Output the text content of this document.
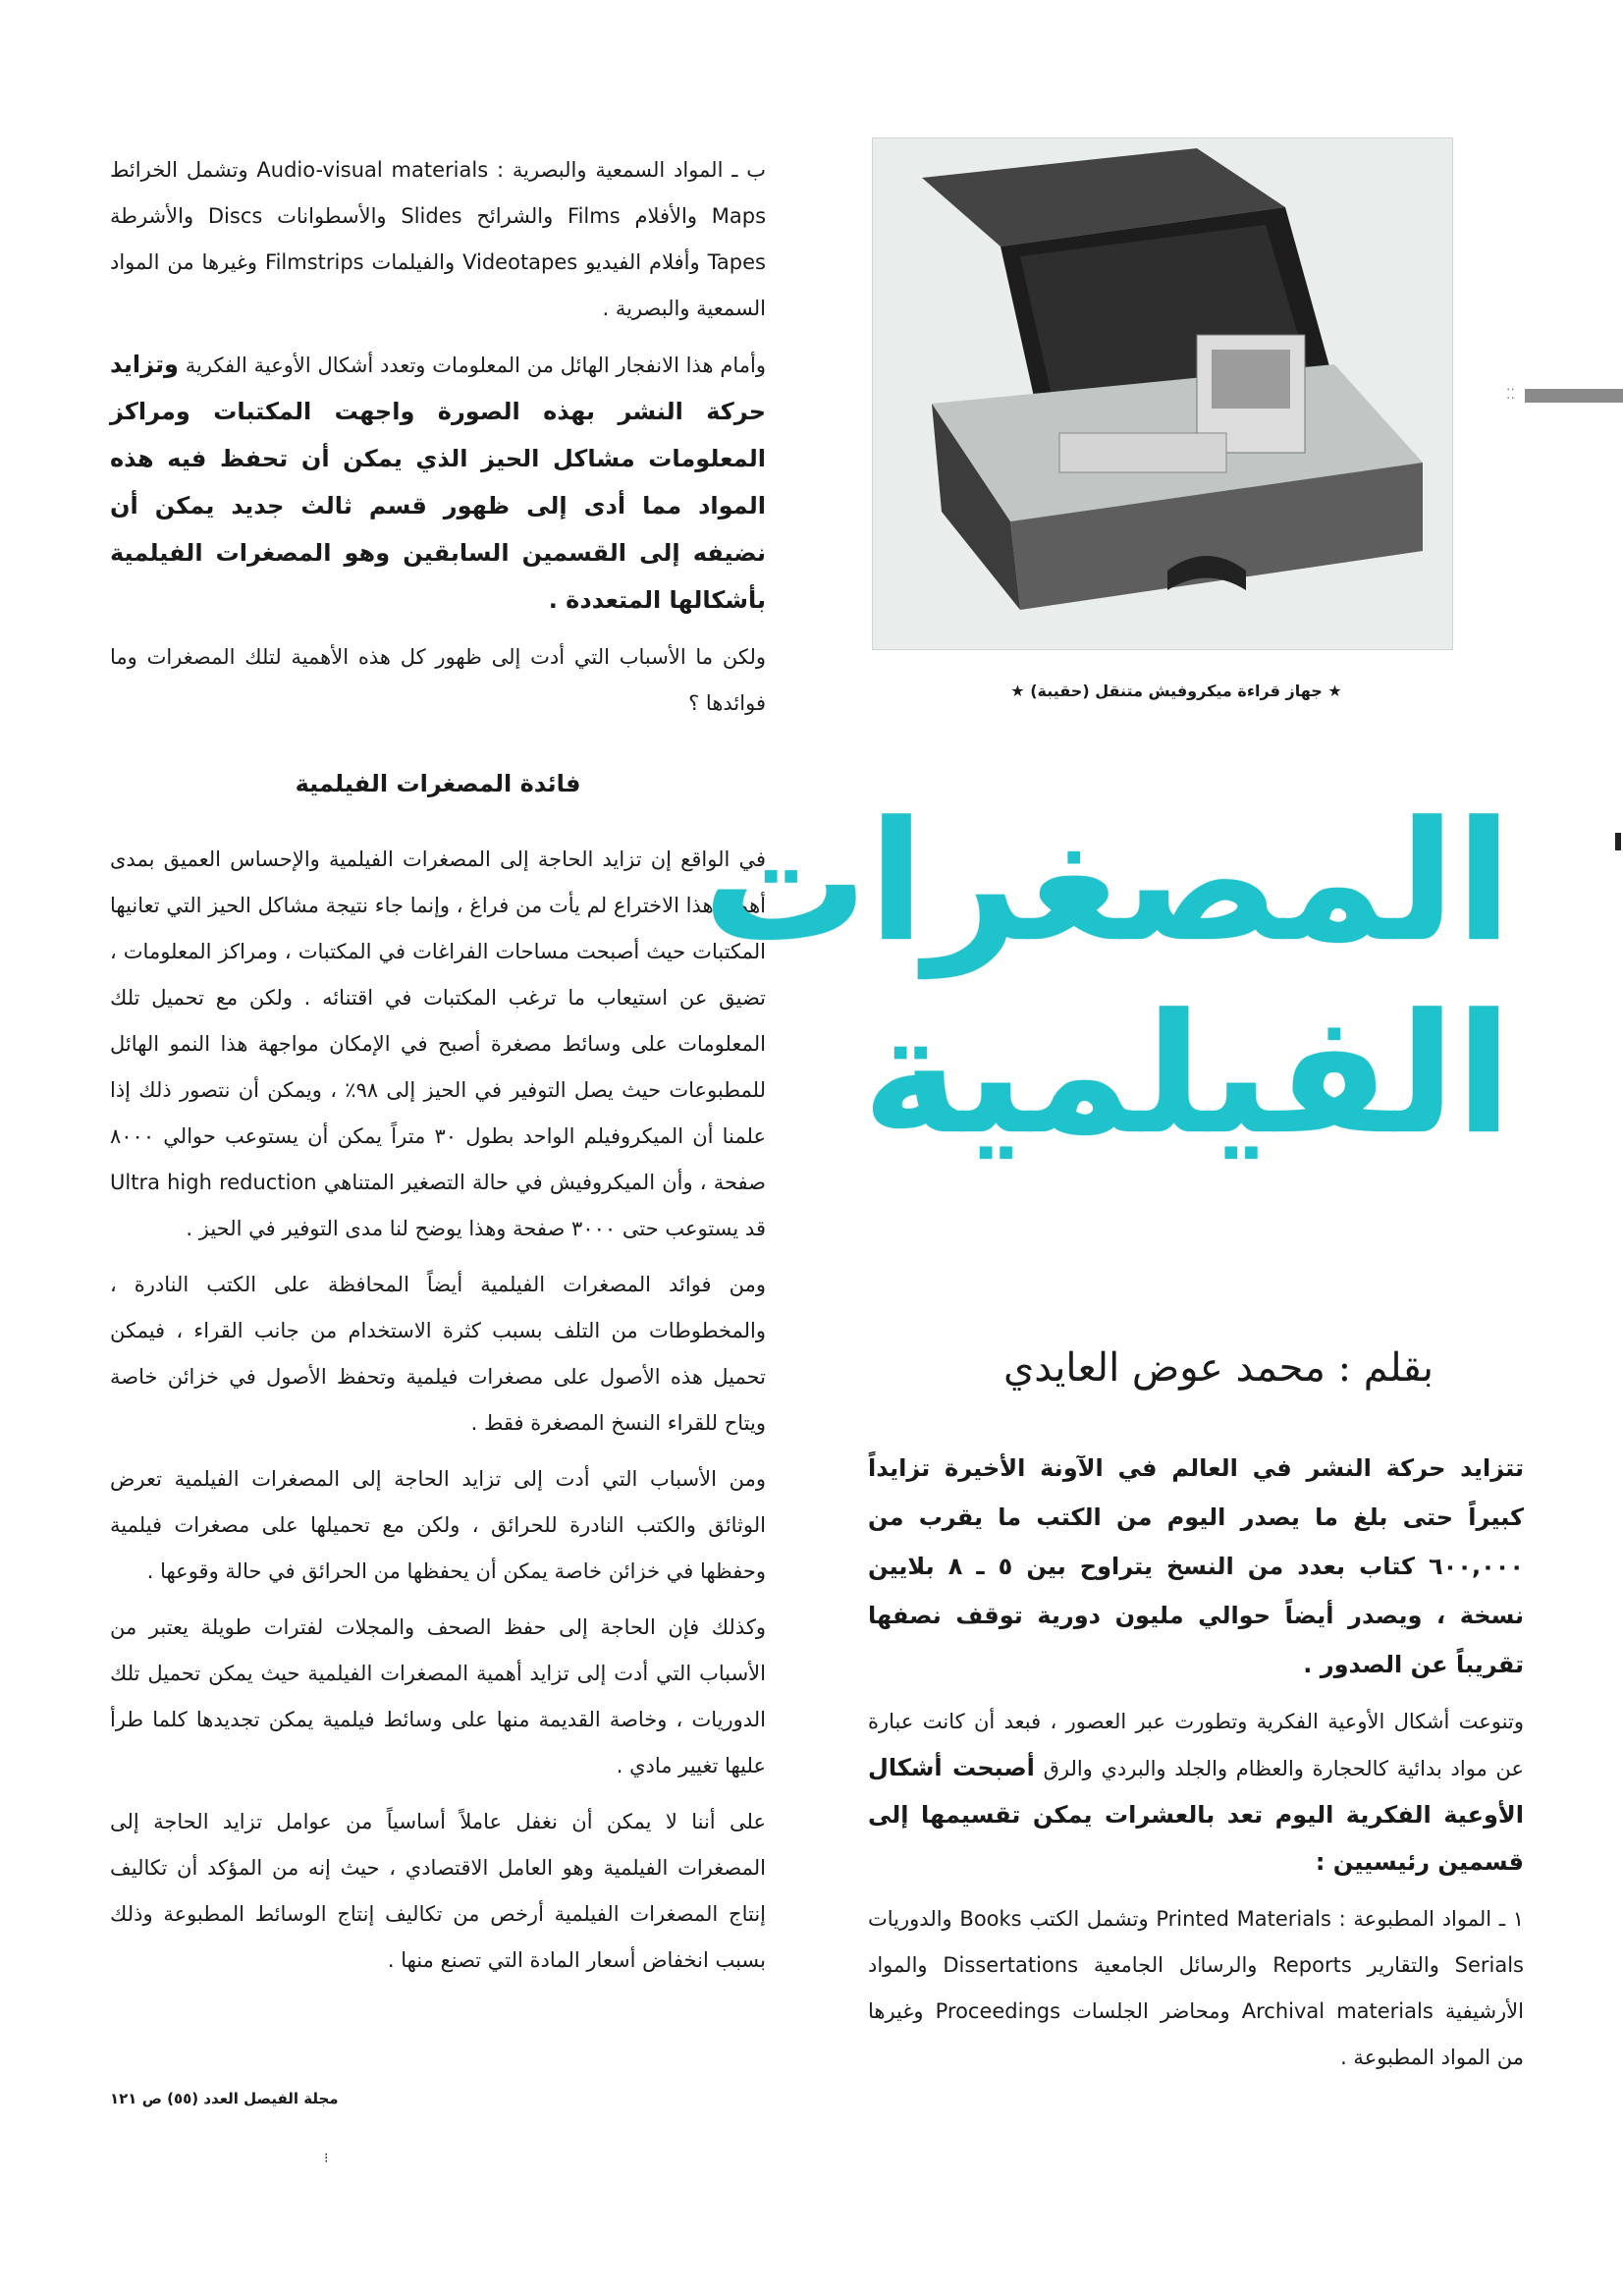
ب ـ المواد السمعية والبصرية : Audio-visual materials وتشمل الخرائط Maps والأفلام Films والشرائح Slides والأسطوانات Discs والأشرطة Tapes وأفلام الفيديو Videotapes والفيلمات Filmstrips وغيرها من المواد السمعية والبصرية .

وأمام هذا الانفجار الهائل من المعلومات وتعدد أشكال الأوعية الفكرية وتزايد حركة النشر بهذه الصورة واجهت المكتبات ومراكز المعلومات مشاكل الحيز الذي يمكن أن تحفظ فيه هذه المواد مما أدى إلى ظهور قسم ثالث جديد يمكن أن نضيفه إلى القسمين السابقين وهو المصغرات الفيلمية بأشكالها المتعددة .

ولكن ما الأسباب التي أدت إلى ظهور كل هذه الأهمية لتلك المصغرات وما فوائدها ؟

فائدة المصغرات الفيلمية

في الواقع إن تزايد الحاجة إلى المصغرات الفيلمية والإحساس العميق بمدى أهمية هذا الاختراع لم يأت من فراغ ، وإنما جاء نتيجة مشاكل الحيز التي تعانيها المكتبات حيث أصبحت مساحات الفراغات في المكتبات ، ومراكز المعلومات ، تضيق عن استيعاب ما ترغب المكتبات في اقتنائه . ولكن مع تحميل تلك المعلومات على وسائط مصغرة أصبح في الإمكان مواجهة هذا النمو الهائل للمطبوعات حيث يصل التوفير في الحيز إلى ٩٨٪ ، ويمكن أن نتصور ذلك إذا علمنا أن الميكروفيلم الواحد بطول ٣٠ متراً يمكن أن يستوعب حوالي ٨٠٠٠ صفحة ، وأن الميكروفيش في حالة التصغير المتناهي Ultra high reduction قد يستوعب حتى ٣٠٠٠ صفحة وهذا يوضح لنا مدى التوفير في الحيز .

ومن فوائد المصغرات الفيلمية أيضاً المحافظة على الكتب النادرة ، والمخطوطات من التلف بسبب كثرة الاستخدام من جانب القراء ، فيمكن تحميل هذه الأصول على مصغرات فيلمية وتحفظ الأصول في خزائن خاصة ويتاح للقراء النسخ المصغرة فقط .

ومن الأسباب التي أدت إلى تزايد الحاجة إلى المصغرات الفيلمية تعرض الوثائق والكتب النادرة للحرائق ، ولكن مع تحميلها على مصغرات فيلمية وحفظها في خزائن خاصة يمكن أن يحفظها من الحرائق في حالة وقوعها .

وكذلك فإن الحاجة إلى حفظ الصحف والمجلات لفترات طويلة يعتبر من الأسباب التي أدت إلى تزايد أهمية المصغرات الفيلمية حيث يمكن تحميل تلك الدوريات ، وخاصة القديمة منها على وسائط فيلمية يمكن تجديدها كلما طرأ عليها تغيير مادي .

على أننا لا يمكن أن نغفل عاملاً أساسياً من عوامل تزايد الحاجة إلى المصغرات الفيلمية وهو العامل الاقتصادي ، حيث إنه من المؤكد أن تكاليف إنتاج المصغرات الفيلمية أرخص من تكاليف إنتاج الوسائط المطبوعة وذلك بسبب انخفاض أسعار المادة التي تصنع منها .

★ جهاز قراءة ميكروفيش متنقل (حقيبة) ★
⁚⁚
المصغرات
الفيلمية
بقلم : محمد عوض العايدي

تتزايد حركة النشر في العالم في الآونة الأخيرة تزايداً كبيراً حتى بلغ ما يصدر اليوم من الكتب ما يقرب من ٦٠٠,٠٠٠ كتاب بعدد من النسخ يتراوح بين ٥ ـ ٨ بلايين نسخة ، ويصدر أيضاً حوالي مليون دورية توقف نصفها تقريباً عن الصدور .

وتنوعت أشكال الأوعية الفكرية وتطورت عبر العصور ، فبعد أن كانت عبارة عن مواد بدائية كالحجارة والعظام والجلد والبردي والرق أصبحت أشكال الأوعية الفكرية اليوم تعد بالعشرات يمكن تقسيمها إلى قسمين رئيسيين :

١ ـ المواد المطبوعة : Printed Materials وتشمل الكتب Books والدوريات Serials والتقارير Reports والرسائل الجامعية Dissertations والمواد الأرشيفية Archival materials ومحاضر الجلسات Proceedings وغيرها من المواد المطبوعة .

مجلة الفيصل العدد (٥٥) ص ١٢١
⁝
